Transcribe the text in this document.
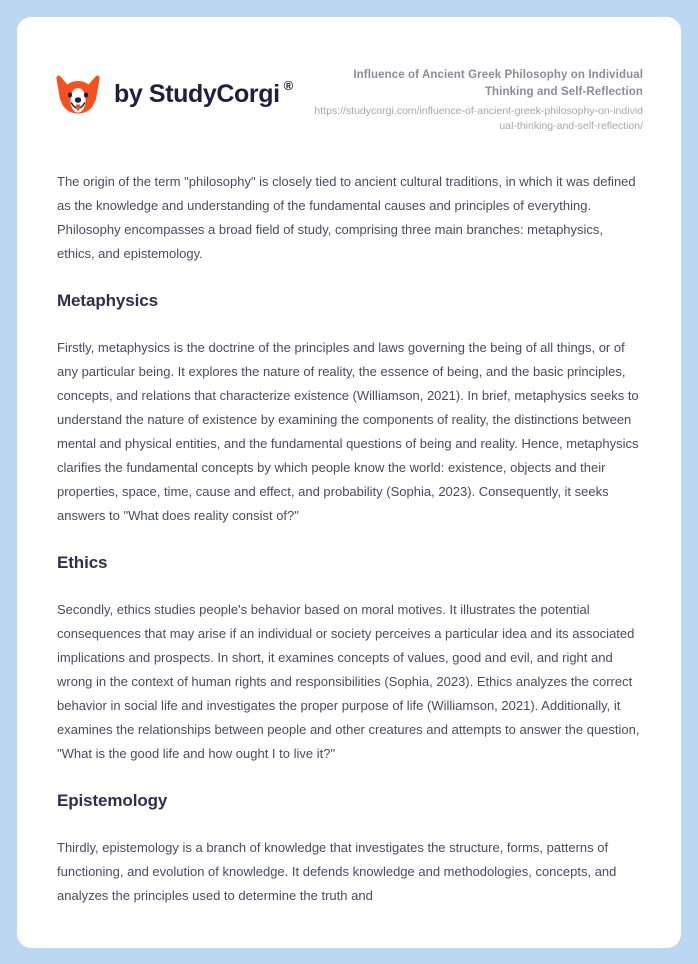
by StudyCorgi ®

Influence of Ancient Greek Philosophy on Individual Thinking and Self-Reflection

https://studycorgi.com/influence-of-ancient-greek-philosophy-on-individual-thinking-and-self-reflection/

The origin of the term "philosophy" is closely tied to ancient cultural traditions, in which it was defined as the knowledge and understanding of the fundamental causes and principles of everything. Philosophy encompasses a broad field of study, comprising three main branches: metaphysics, ethics, and epistemology.

Metaphysics

Firstly, metaphysics is the doctrine of the principles and laws governing the being of all things, or of any particular being. It explores the nature of reality, the essence of being, and the basic principles, concepts, and relations that characterize existence (Williamson, 2021). In brief, metaphysics seeks to understand the nature of existence by examining the components of reality, the distinctions between mental and physical entities, and the fundamental questions of being and reality. Hence, metaphysics clarifies the fundamental concepts by which people know the world: existence, objects and their properties, space, time, cause and effect, and probability (Sophia, 2023). Consequently, it seeks answers to "What does reality consist of?"

Ethics

Secondly, ethics studies people's behavior based on moral motives. It illustrates the potential consequences that may arise if an individual or society perceives a particular idea and its associated implications and prospects. In short, it examines concepts of values, good and evil, and right and wrong in the context of human rights and responsibilities (Sophia, 2023). Ethics analyzes the correct behavior in social life and investigates the proper purpose of life (Williamson, 2021). Additionally, it examines the relationships between people and other creatures and attempts to answer the question, "What is the good life and how ought I to live it?"

Epistemology

Thirdly, epistemology is a branch of knowledge that investigates the structure, forms, patterns of functioning, and evolution of knowledge. It defends knowledge and methodologies, concepts, and analyzes the principles used to determine the truth and
